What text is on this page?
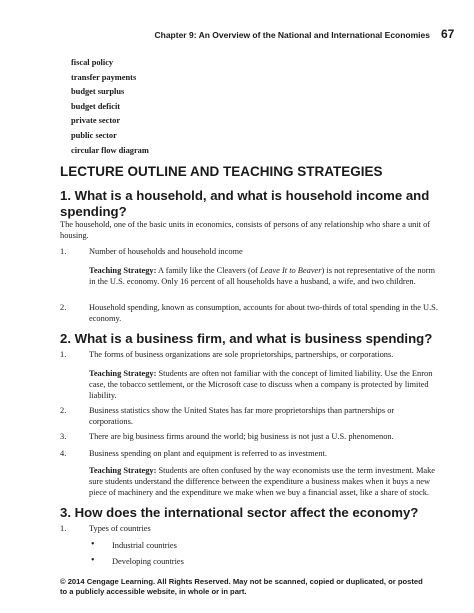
Chapter 9: An Overview of the National and International Economies 67
fiscal policy
transfer payments
budget surplus
budget deficit
private sector
public sector
circular flow diagram
LECTURE OUTLINE AND TEACHING STRATEGIES
1. What is a household, and what is household income and spending?
The household, one of the basic units in economics, consists of persons of any relationship who share a unit of housing.
1.	Number of households and household income
Teaching Strategy: A family like the Cleavers (of Leave It to Beaver) is not representative of the norm in the U.S. economy. Only 16 percent of all households have a husband, a wife, and two children.
2.	Household spending, known as consumption, accounts for about two-thirds of total spending in the U.S. economy.
2. What is a business firm, and what is business spending?
1.	The forms of business organizations are sole proprietorships, partnerships, or corporations.
Teaching Strategy: Students are often not familiar with the concept of limited liability. Use the Enron case, the tobacco settlement, or the Microsoft case to discuss when a company is protected by limited liability.
2.	Business statistics show the United States has far more proprietorships than partnerships or corporations.
3.	There are big business firms around the world; big business is not just a U.S. phenomenon.
4.	Business spending on plant and equipment is referred to as investment.
Teaching Strategy: Students are often confused by the way economists use the term investment. Make sure students understand the difference between the expenditure a business makes when it buys a new piece of machinery and the expenditure we make when we buy a financial asset, like a share of stock.
3. How does the international sector affect the economy?
1.	Types of countries
• Industrial countries
• Developing countries
© 2014 Cengage Learning. All Rights Reserved. May not be scanned, copied or duplicated, or posted to a publicly accessible website, in whole or in part.
